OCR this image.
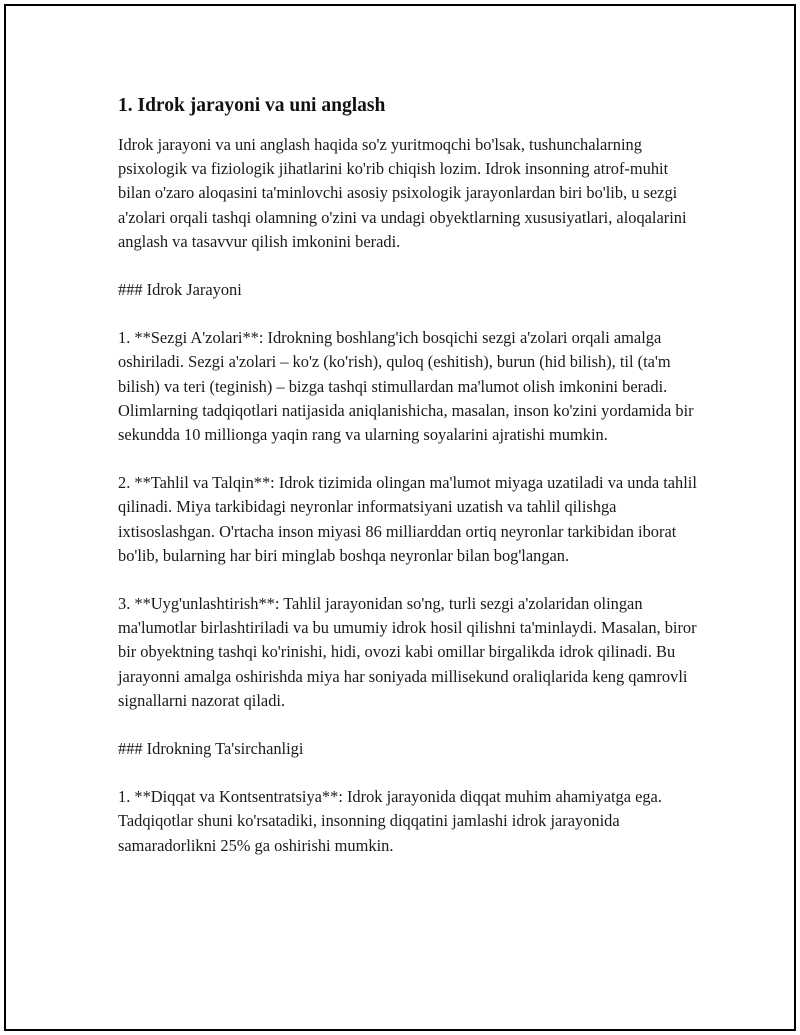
1. Idrok jarayoni va uni anglash

Idrok jarayoni va uni anglash haqida so'z yuritmoqchi bo'lsak, tushunchalarning psixologik va fiziologik jihatlarini ko'rib chiqish lozim. Idrok insonning atrof-muhit bilan o'zaro aloqasini ta'minlovchi asosiy psixologik jarayonlardan biri bo'lib, u sezgi a'zolari orqali tashqi olamning o'zini va undagi obyektlarning xususiyatlari, aloqalarini anglash va tasavvur qilish imkonini beradi.

### Idrok Jarayoni

1. **Sezgi A'zolari**: Idrokning boshlang'ich bosqichi sezgi a'zolari orqali amalga oshiriladi. Sezgi a'zolari – ko'z (ko'rish), quloq (eshitish), burun (hid bilish), til (ta'm bilish) va teri (teginish) – bizga tashqi stimullardan ma'lumot olish imkonini beradi. Olimlarning tadqiqotlari natijasida aniqlanishicha, masalan, inson ko'zini yordamida bir sekundda 10 millionga yaqin rang va ularning soyalarini ajratishi mumkin.

2. **Tahlil va Talqin**: Idrok tizimida olingan ma'lumot miyaga uzatiladi va unda tahlil qilinadi. Miya tarkibidagi neyronlar informatsiyani uzatish va tahlil qilishga ixtisoslashgan. O'rtacha inson miyasi 86 milliarddan ortiq neyronlar tarkibidan iborat bo'lib, bularning har biri minglab boshqa neyronlar bilan bog'langan.

3. **Uyg'unlashtirish**: Tahlil jarayonidan so'ng, turli sezgi a'zolaridan olingan ma'lumotlar birlashtiriladi va bu umumiy idrok hosil qilishni ta'minlaydi. Masalan, biror bir obyektning tashqi ko'rinishi, hidi, ovozi kabi omillar birgalikda idrok qilinadi. Bu jarayonni amalga oshirishda miya har soniyada millisekund oraliqlarida keng qamrovli signallarni nazorat qiladi.

### Idrokning Ta'sirchanligi

1. **Diqqat va Kontsentratsiya**: Idrok jarayonida diqqat muhim ahamiyatga ega. Tadqiqotlar shuni ko'rsatadiki, insonning diqqatini jamlashi idrok jarayonida samaradorlikni 25% ga oshirishi mumkin.
